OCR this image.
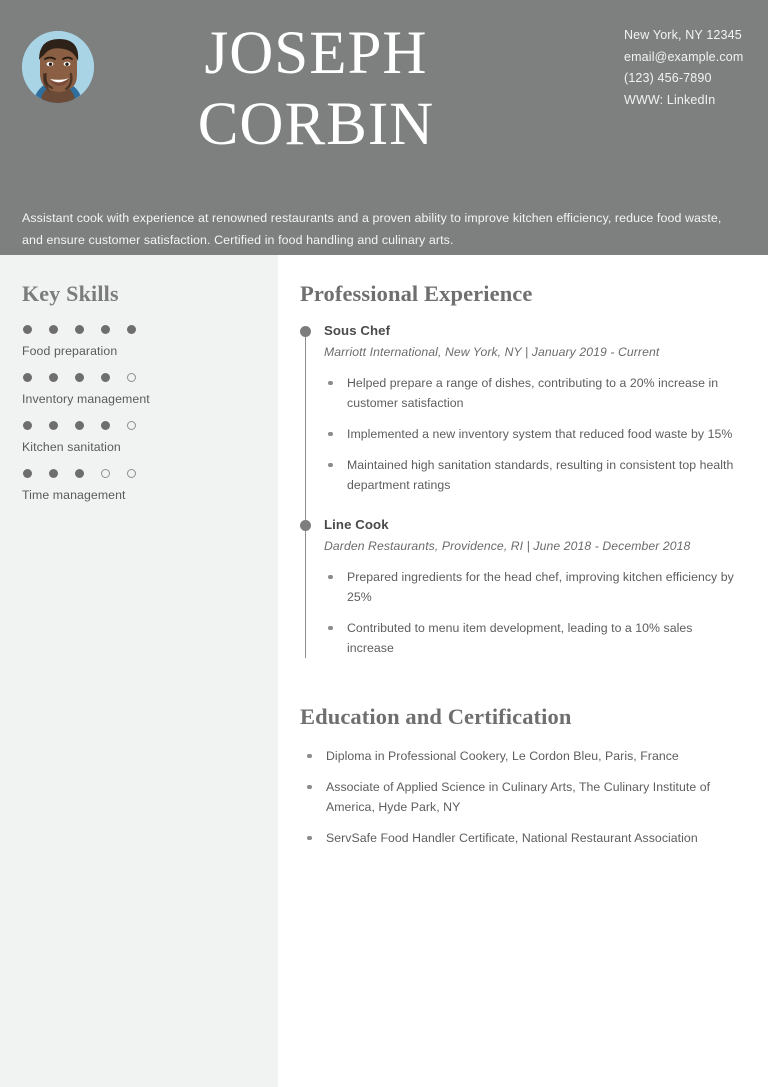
JOSEPH
CORBIN
New York, NY 12345
email@example.com
(123) 456-7890
WWW: LinkedIn
Assistant cook with experience at renowned restaurants and a proven ability to improve kitchen efficiency, reduce food waste, and ensure customer satisfaction. Certified in food handling and culinary arts.
Key Skills
Food preparation
Inventory management
Kitchen sanitation
Time management
Professional Experience
Sous Chef
Marriott International, New York, NY | January 2019 - Current
Helped prepare a range of dishes, contributing to a 20% increase in customer satisfaction
Implemented a new inventory system that reduced food waste by 15%
Maintained high sanitation standards, resulting in consistent top health department ratings
Line Cook
Darden Restaurants, Providence, RI | June 2018 - December 2018
Prepared ingredients for the head chef, improving kitchen efficiency by 25%
Contributed to menu item development, leading to a 10% sales increase
Education and Certification
Diploma in Professional Cookery, Le Cordon Bleu, Paris, France
Associate of Applied Science in Culinary Arts, The Culinary Institute of America, Hyde Park, NY
ServSafe Food Handler Certificate, National Restaurant Association
